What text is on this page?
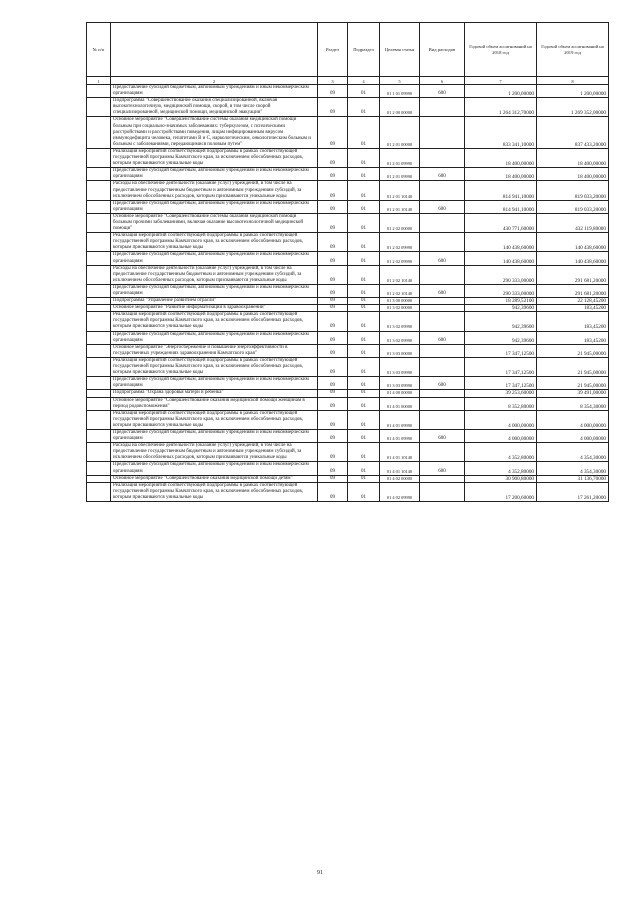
№ п/п		Раздел	Подраздел	Целевая статья	Вид расходов	Годовой объем ассигнований на 2018 год	Годовой объем ассигнований на 2019 год
1	2	3	4	5	6	7	8
	Предоставление субсидий бюджетным, автономным учреждениям и иным некоммерческим организациям	09	01	01 1 01 09990	600	1 200,00000	1 200,00000
	Подпрограмма "Совершенствование оказания специализированной, включая высокотехнологичную, медицинской помощи, скорой, в том числе скорой специализированной, медицинской помощи, медицинской эвакуации"	09	01	01 2 00 00000		1 264 312,70000	1 269 352,00000
	Основное мероприятие "Совершенствование системы оказания медицинской помощи больным при социально-значимых заболеваниях: туберкулезом, с психическими расстройствами и расстройствами поведения, лицам инфицированным вирусом иммунодефицита человека, гепатитами В и С, наркологическим, онкологическим больным и больным с заболеваниями, передающимися половым путем"	09	01	01 2 01 00000		833 341,10000	837 433,20000
	Реализация мероприятий соответствующей подпрограммы в рамках соответствующей государственной программы Камчатского края, за исключением обособленных расходов, которым присваиваются уникальные коды	09	01	01 2 01 09990		18 400,00000	18 400,00000
	Предоставление субсидий бюджетным, автономным учреждениям и иным некоммерческим организациям	09	01	01 2 01 09990	600	18 400,00000	18 400,00000
	Расходы на обеспечение деятельности (оказание услуг) учреждений, в том числе на предоставление государственным бюджетным и автономным учреждениям субсидий, за исключением обособленных расходов, которым присваиваются уникальные коды	09	01	01 2 01 10140		814 941,10000	819 033,20000
	Предоставление субсидий бюджетным, автономным учреждениям и иным некоммерческим организациям	09	01	01 2 01 10140	600	814 941,10000	819 033,20000
	Основное мероприятие "Совершенствование системы оказания медицинской помощи больным прочими заболеваниями, включая оказание высокотехнологичной медицинской помощи"	09	01	01 2 02 00000		430 771,60000	432 119,80000
	Реализация мероприятий соответствующей подпрограммы в рамках соответствующей государственной программы Камчатского края, за исключением обособленных расходов, которым присваиваются уникальные коды	09	01	01 2 02 09990		140 438,60000	140 438,60000
	Предоставление субсидий бюджетным, автономным учреждениям и иным некоммерческим организациям	09	01	01 2 02 09990	600	140 438,60000	140 438,60000
	Расходы на обеспечение деятельности (оказание услуг) учреждений, в том числе на предоставление государственным бюджетным и автономным учреждениям субсидий, за исключением обособленных расходов, которым присваиваются уникальные коды	09	01	01 2 02 10140		290 333,00000	291 681,20000
	Предоставление субсидий бюджетным, автономным учреждениям и иным некоммерческим организациям	09	01	01 2 02 10140	600	290 333,00000	291 681,20000
	Подпрограмма "Управление развитием отрасли"	09	01	01 3 00 00000		18 289,52100	22 128,45200
	Основное мероприятие "Развитие информатизации в здравоохранении"	09	01	01 3 02 00000		942,39600	183,45200
	Реализация мероприятий соответствующей подпрограммы в рамках соответствующей государственной программы Камчатского края, за исключением обособленных расходов, которым присваиваются уникальные коды	09	01	01 3 02 09990		942,39600	183,45200
	Предоставление субсидий бюджетным, автономным учреждениям и иным некоммерческим организациям	09	01	01 3 02 09990	600	942,39600	183,45200
	Основное мероприятие "Энергосбережение и повышение энергоэффективности в государственных учреждениях здравоохранения Камчатского края"	09	01	01 3 03 00000		17 347,12500	21 945,00000
	Реализация мероприятий соответствующей подпрограммы в рамках соответствующей государственной программы Камчатского края, за исключением обособленных расходов, которым присваиваются уникальные коды	09	01	01 3 03 09990		17 347,12500	21 945,00000
	Предоставление субсидий бюджетным, автономным учреждениям и иным некоммерческим организациям	09	01	01 3 03 09990	600	17 347,12500	21 945,00000
	Подпрограмма "Охрана здоровья матери и ребенка"	09	01	01 4 00 00000		39 253,60000	39 491,00000
	Основное мероприятие "Совершенствование оказания медицинской помощи женщинам в период родовспоможения"	09	01	01 4 01 00000		8 352,80000	8 354,30000
	Реализация мероприятий соответствующей подпрограммы в рамках соответствующей государственной программы Камчатского края, за исключением обособленных расходов, которым присваиваются уникальные коды	09	01	01 4 01 09990		4 000,00000	4 000,00000
	Предоставление субсидий бюджетным, автономным учреждениям и иным некоммерческим организациям	09	01	01 4 01 09990	600	4 000,00000	4 000,00000
	Расходы на обеспечение деятельности (оказание услуг) учреждений, в том числе на предоставление государственным бюджетным и автономным учреждениям субсидий, за исключением обособленных расходов, которым присваиваются уникальные коды	09	01	01 4 01 10140		4 352,80000	4 354,30000
	Предоставление субсидий бюджетным, автономным учреждениям и иным некоммерческим организациям	09	01	01 4 01 10140	600	4 352,80000	4 354,30000
	Основное мероприятие "Совершенствование оказания медицинской помощи детям"	09	01	01 4 02 00000		30 900,80000	31 136,70000
	Реализация мероприятий соответствующей подпрограммы в рамках соответствующей государственной программы Камчатского края, за исключением обособленных расходов, которым присваиваются уникальные коды	09	01	01 4 02 09990		17 200,60000	17 261,20000
91
